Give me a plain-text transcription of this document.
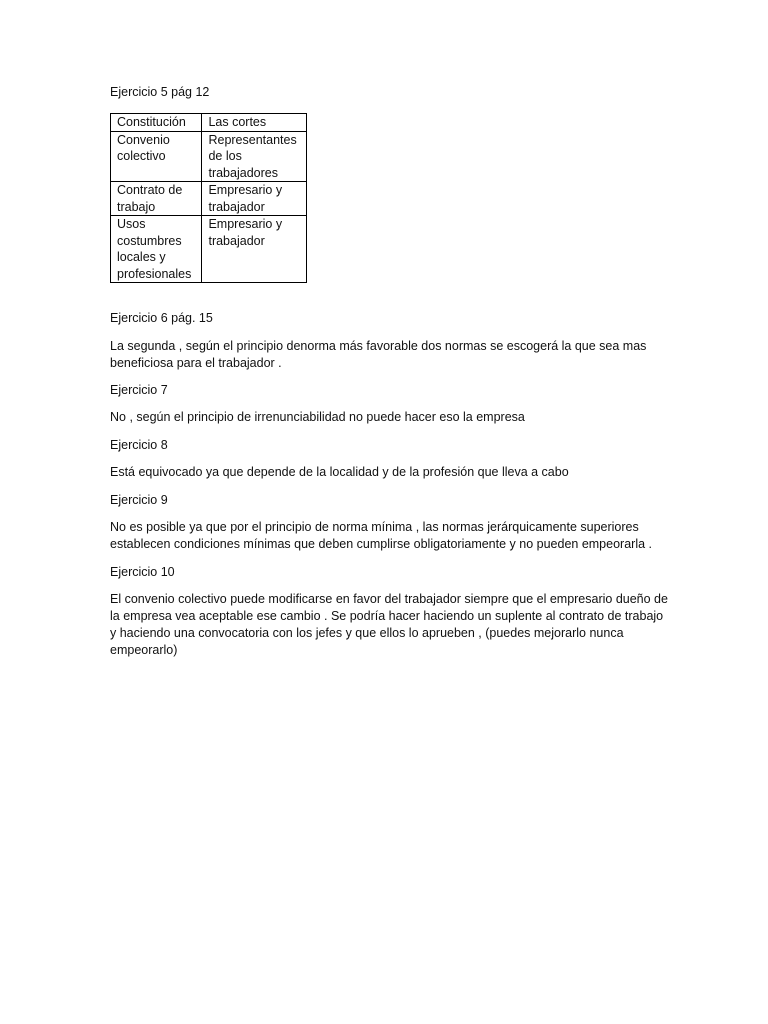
Ejercicio 5 pág 12

Constitución	Las cortes
Convenio colectivo	Representantes de los trabajadores
Contrato de trabajo	Empresario y trabajador
Usos costumbres locales y profesionales	Empresario y trabajador

Ejercicio 6 pág. 15

La segunda , según el principio denorma más favorable dos normas se escogerá la que sea mas beneficiosa para el trabajador .

Ejercicio 7

No , según el principio de irrenunciabilidad no puede hacer eso la empresa

Ejercicio 8

Está equivocado ya que depende de la localidad y de la profesión que lleva a cabo

Ejercicio 9

No es posible ya que por el principio de norma mínima , las normas jerárquicamente superiores establecen condiciones mínimas que deben cumplirse obligatoriamente y no pueden empeorarla .

Ejercicio 10

El convenio colectivo puede modificarse en favor del trabajador siempre que el empresario dueño de la empresa vea aceptable ese cambio . Se podría hacer haciendo un suplente al contrato de trabajo y haciendo una convocatoria con los jefes y que ellos lo aprueben , (puedes mejorarlo nunca empeorarlo)
